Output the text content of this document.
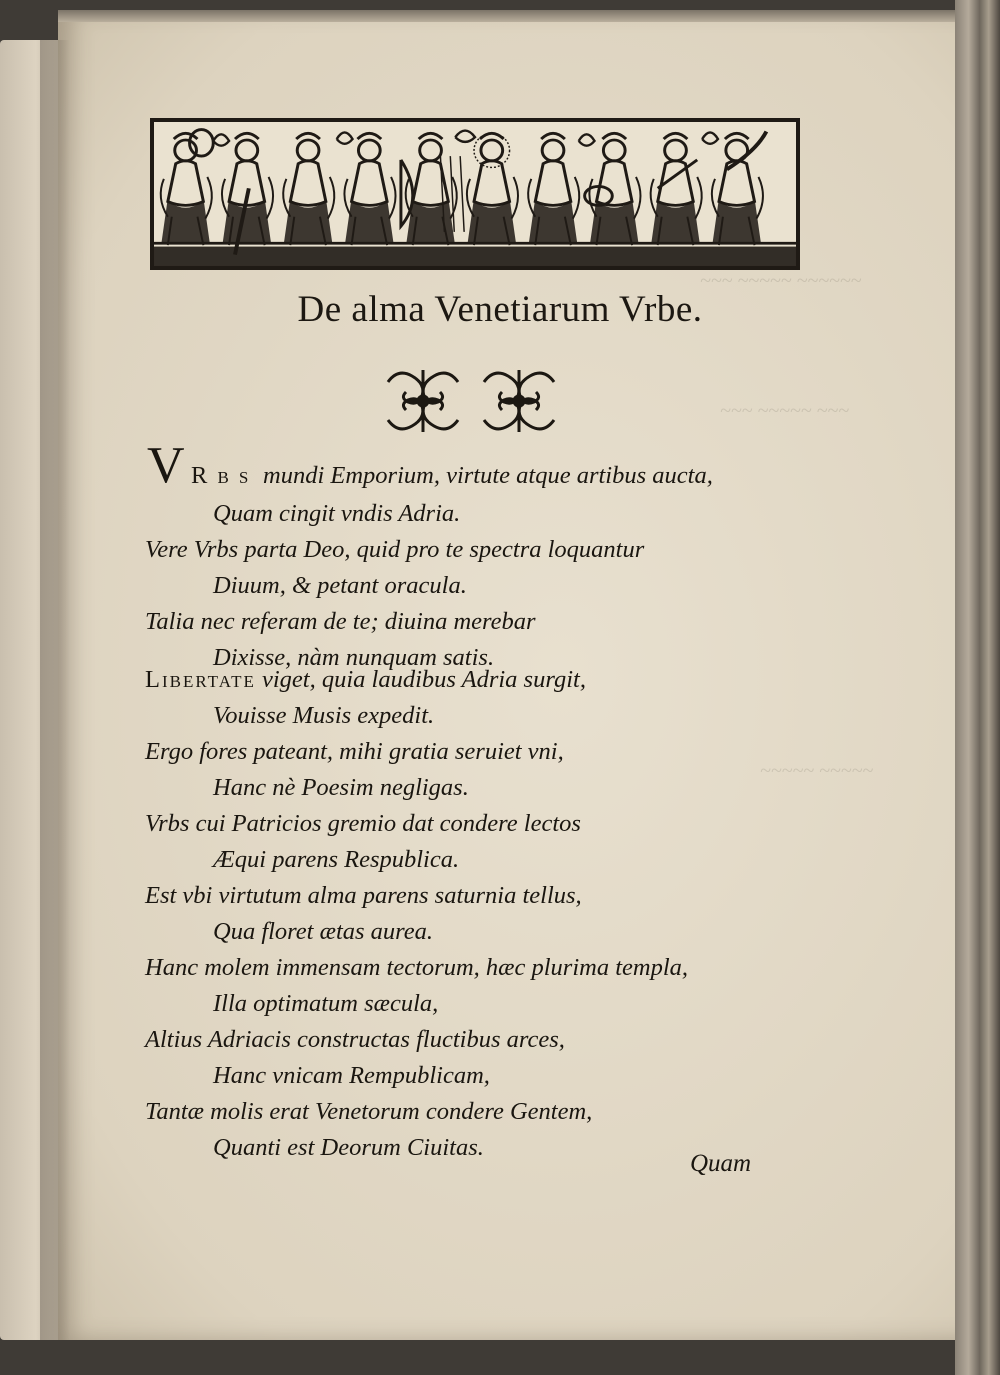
~~~ ~~~~~ ~~~~~~
~~~ ~~~~~ ~~~
~~~~~ ~~~~~
De alma Venetiarum Vrbe.
V R b s mundi Emporium, virtute atque artibus aucta,
Quam cingit vndis Adria.
Vere Vrbs parta Deo, quid pro te spectra loquantur
Diuum, & petant oracula.
Talia nec referam de te; diuina merebar
Dixisse, nàm nunquam satis.
Libertate viget, quia laudibus Adria surgit,
Vouisse Musis expedit.
Ergo fores pateant, mihi gratia seruiet vni,
Hanc nè Poesim negligas.
Vrbs cui Patricios gremio dat condere lectos
Æqui parens Respublica.
Est vbi virtutum alma parens saturnia tellus,
Qua floret ætas aurea.
Hanc molem immensam tectorum, hæc plurima templa,
Illa optimatum sæcula,
Altius Adriacis constructas fluctibus arces,
Hanc vnicam Rempublicam,
Tantæ molis erat Venetorum condere Gentem,
Quanti est Deorum Ciuitas.
Quam
